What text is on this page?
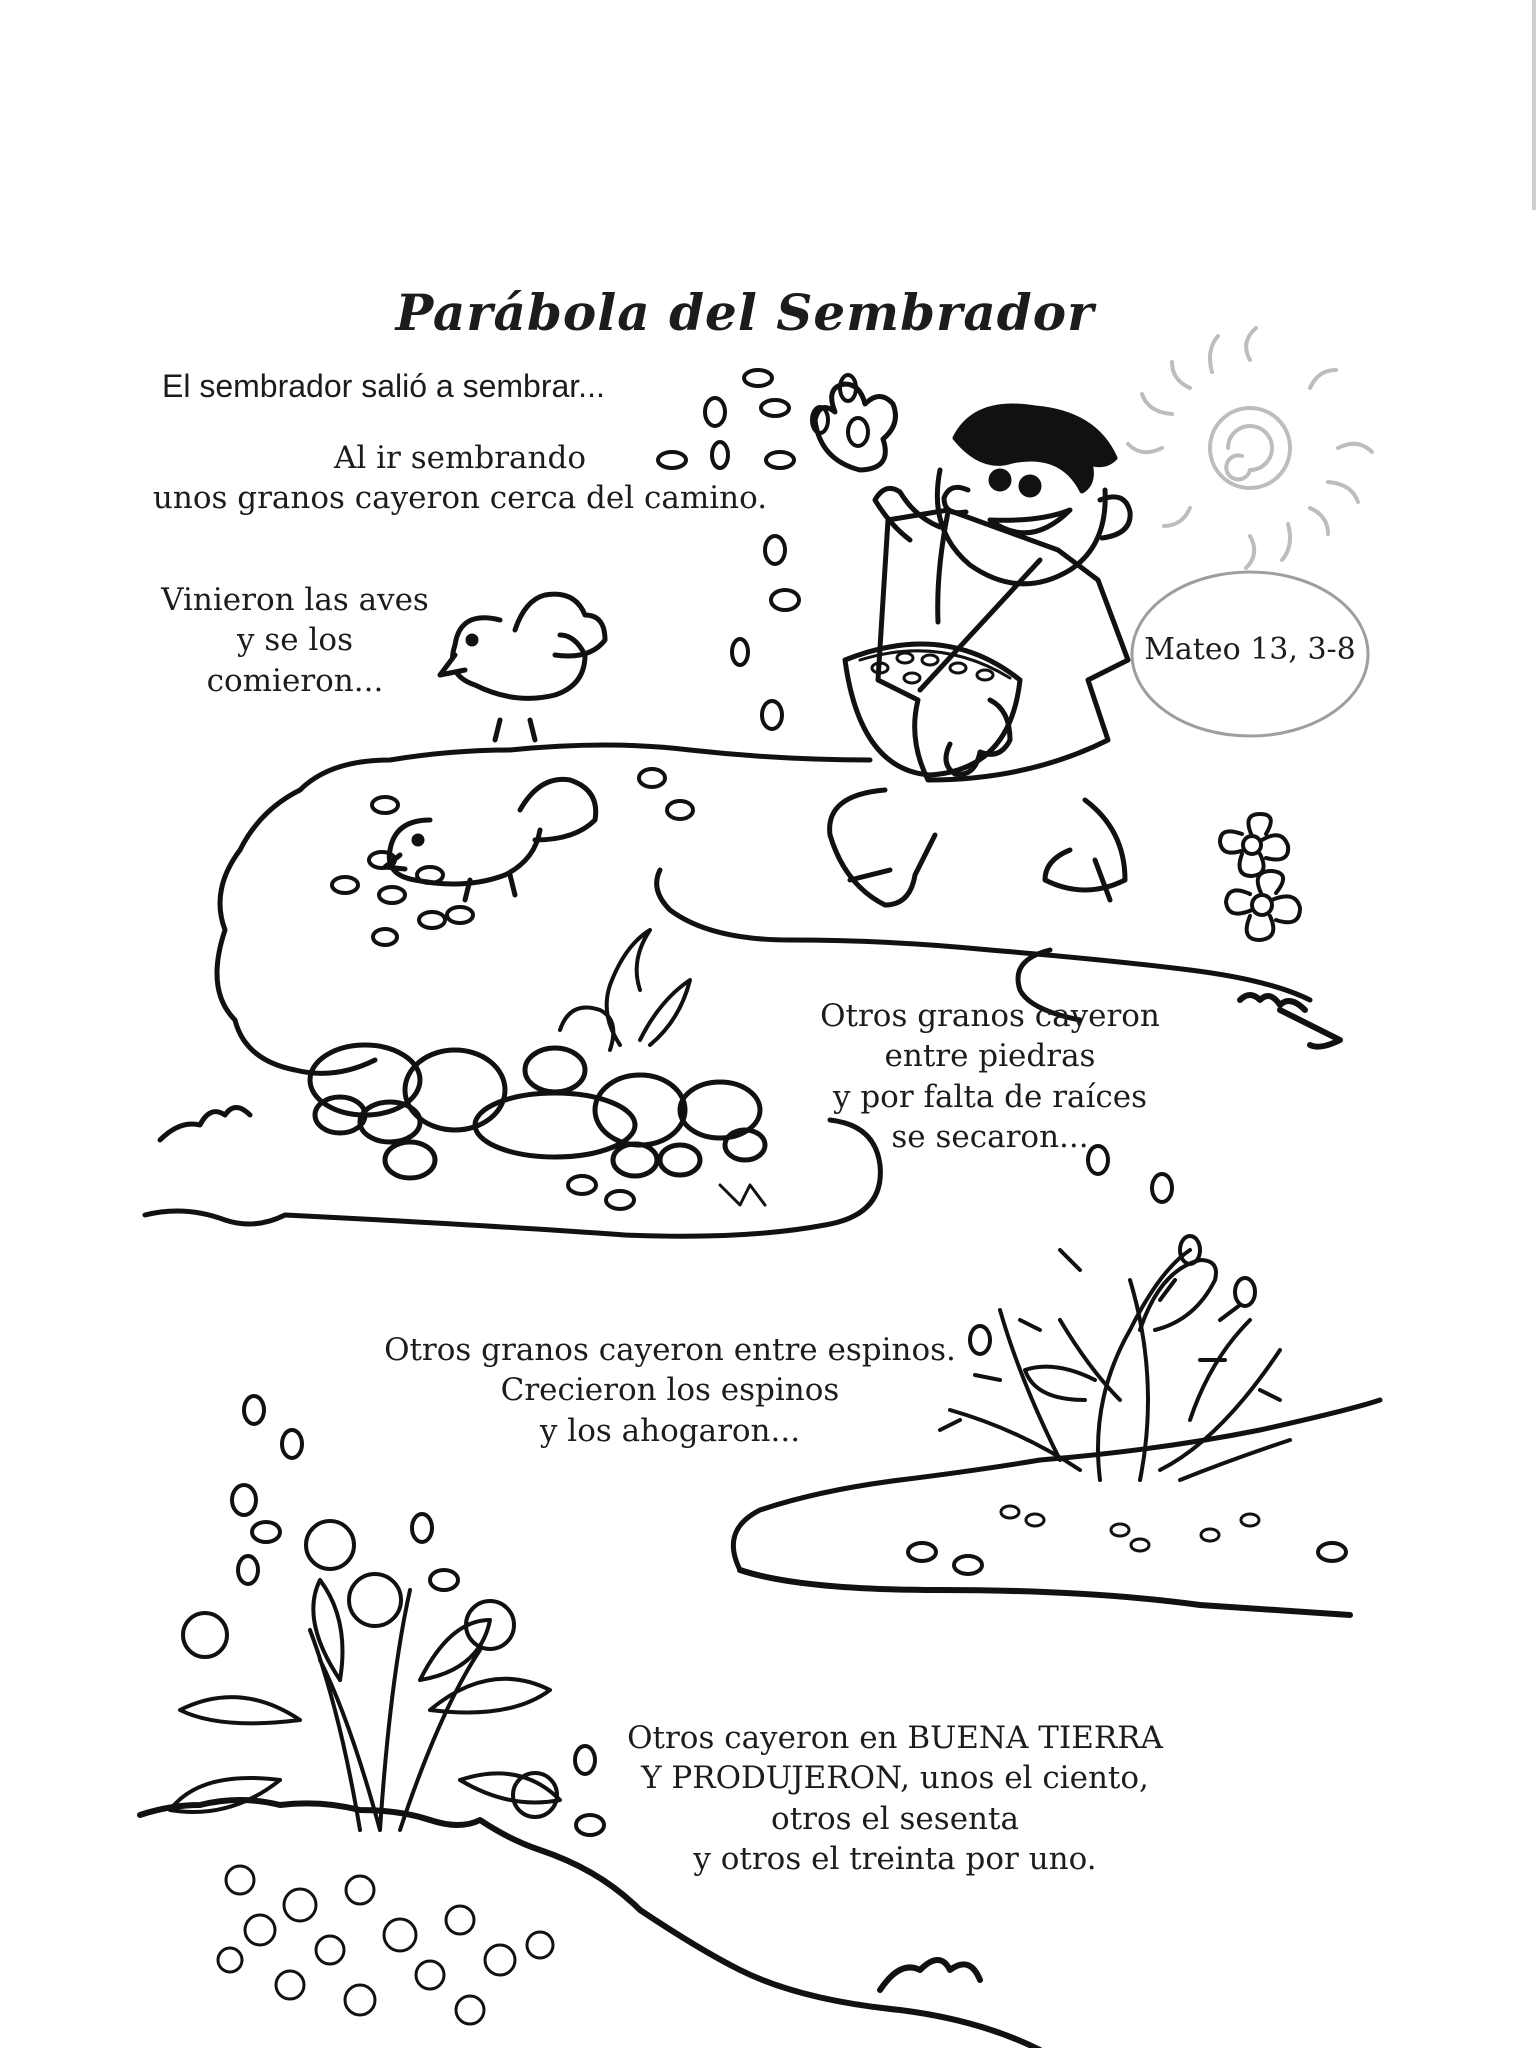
Parábola del Sembrador

El sembrador salió a sembrar...

Al ir sembrando
unos granos cayeron cerca del camino.

Vinieron las aves
y se los
comieron...

Otros granos cayeron
entre piedras
y por falta de raíces
se secaron...

Otros granos cayeron entre espinos.
Crecieron los espinos
y los ahogaron...

Otros cayeron en BUENA TIERRA
Y PRODUJERON, unos el ciento,
otros el sesenta
y otros el treinta por uno.

Mateo 13, 3-8
